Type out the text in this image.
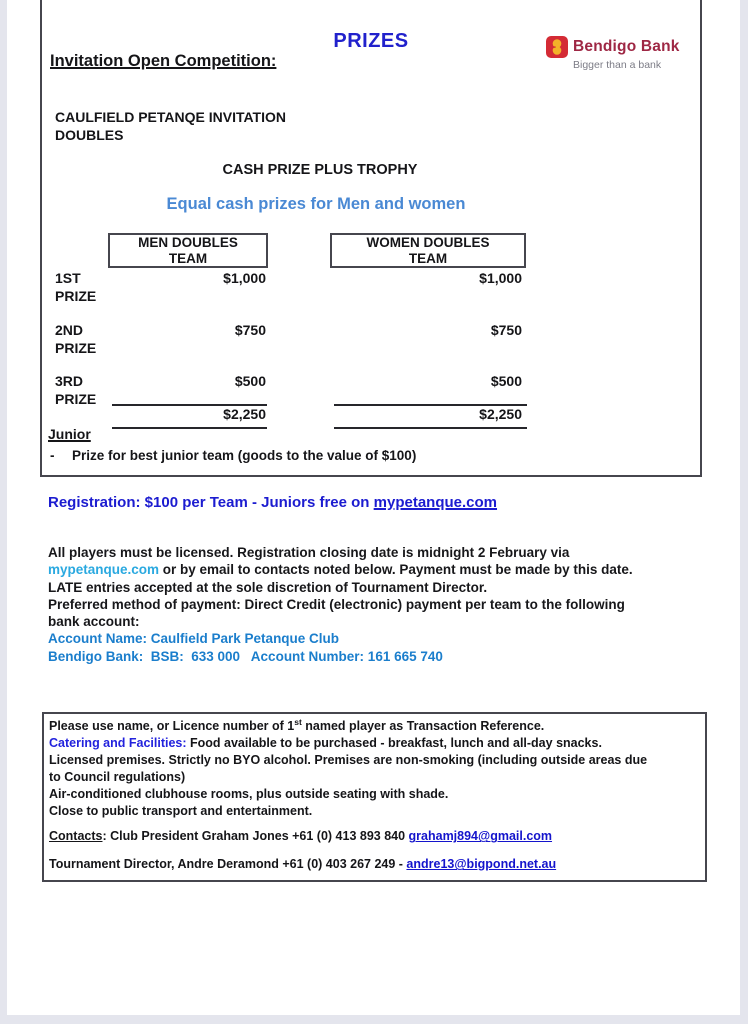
PRIZES
Invitation Open Competition:
Bendigo Bank
Bigger than a bank
CAULFIELD PETANQE INVITATION
DOUBLES
CASH PRIZE PLUS TROPHY
Equal cash prizes for Men and women
MEN DOUBLES
TEAM
WOMEN DOUBLES
TEAM
1ST
PRIZE
$1,000	$1,000
2ND
PRIZE
$750	$750
3RD
PRIZE
$500	$500
$2,250	$2,250
Junior
- Prize for best junior team (goods to the value of $100)
Registration: $100 per Team - Juniors free on mypetanque.com
All players must be licensed. Registration closing date is midnight 2 February via
mypetanque.com or by email to contacts noted below. Payment must be made by this date.
LATE entries accepted at the sole discretion of Tournament Director.
Preferred method of payment: Direct Credit (electronic) payment per team to the following
bank account:
Account Name: Caulfield Park Petanque Club
Bendigo Bank:  BSB:  633 000   Account Number: 161 665 740
Please use name, or Licence number of 1st named player as Transaction Reference.
Catering and Facilities: Food available to be purchased - breakfast, lunch and all-day snacks.
Licensed premises. Strictly no BYO alcohol. Premises are non-smoking (including outside areas due
to Council regulations)
Air-conditioned clubhouse rooms, plus outside seating with shade.
Close to public transport and entertainment.
Contacts: Club President Graham Jones +61 (0) 413 893 840 grahamj894@gmail.com
Tournament Director, Andre Deramond +61 (0) 403 267 249 - andre13@bigpond.net.au
